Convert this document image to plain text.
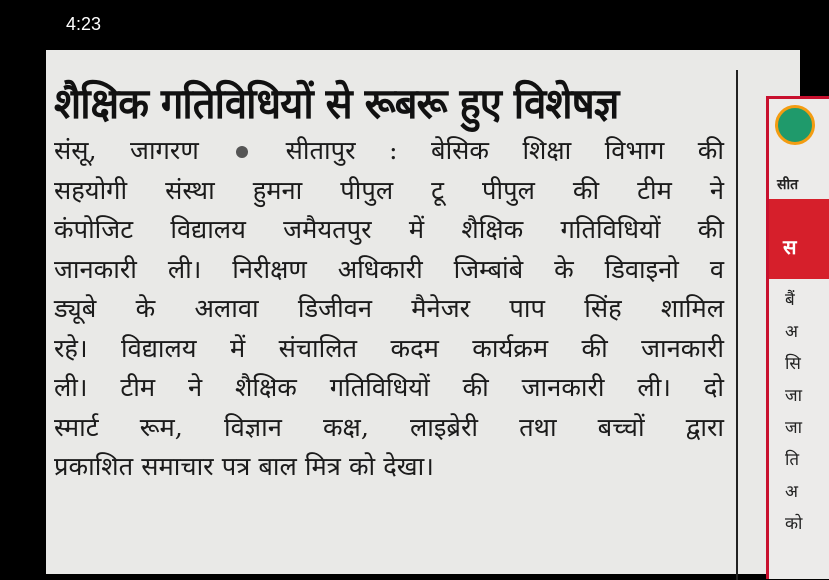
4:23
शैक्षिक गतिविधियों से रूबरू हुए विशेषज्ञ
संसू, जागरण	सीतापुर : बेसिक शिक्षा विभाग की
सहयोगी संस्था हुमना पीपुल टू पीपुल की टीम ने
कंपोजिट विद्यालय जमैयतपुर में शैक्षिक गतिविधियों की
जानकारी ली। निरीक्षण अधिकारी जिम्बांबे के डिवाइनो व
ड्यूबे के अलावा डिजीवन मैनेजर पाप सिंह शामिल
रहे। विद्यालय में संचालित कदम कार्यक्रम की जानकारी
ली। टीम ने शैक्षिक गतिविधियों की जानकारी ली। दो
स्मार्ट रूम, विज्ञान कक्ष, लाइब्रेरी तथा बच्चों द्वारा
प्रकाशित समाचार पत्र बाल मित्र को देखा।
सीत
स
बैं
अ
सि
जा
जा
ति
अ
को
